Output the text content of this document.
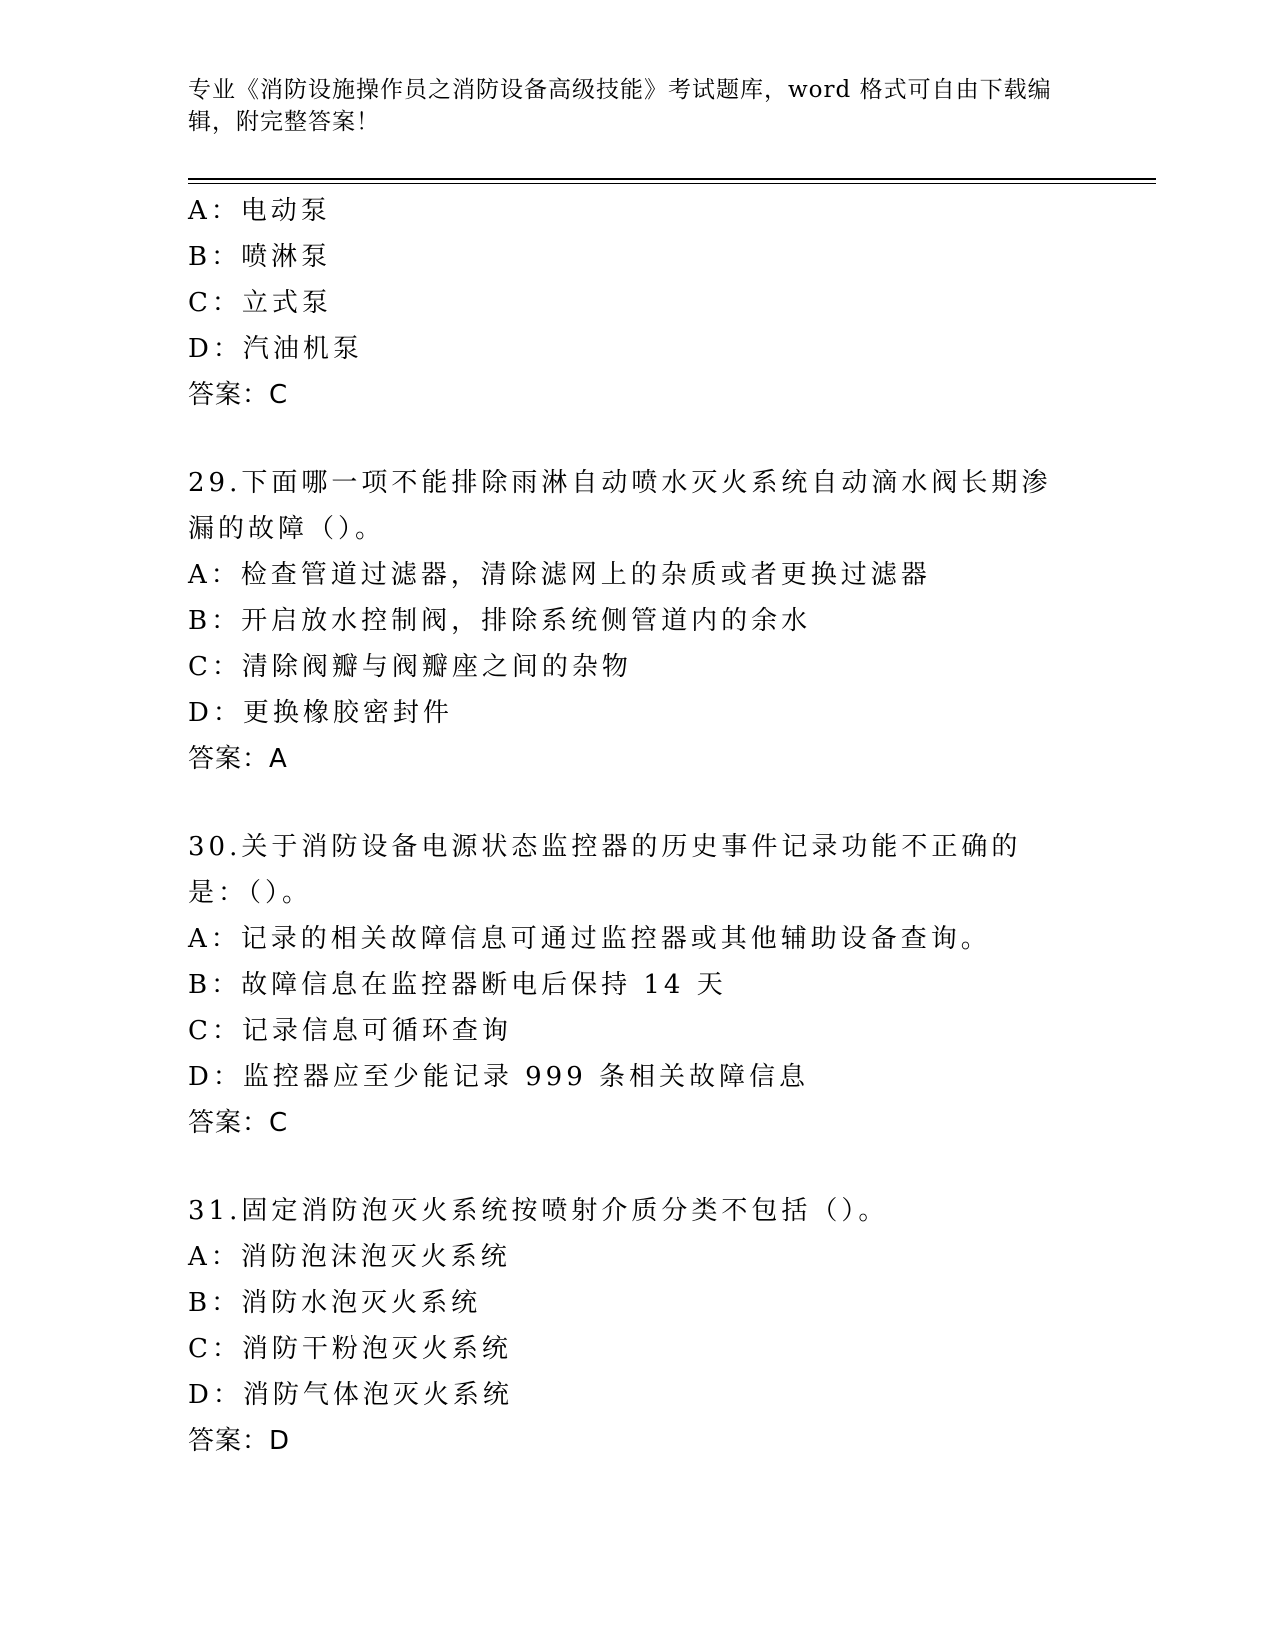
专业《消防设施操作员之消防设备高级技能》考试题库，word 格式可自由下载编
辑，附完整答案！
A：电动泵
B：喷淋泵
C：立式泵
D：汽油机泵
答案：C
29.下面哪一项不能排除雨淋自动喷水灭火系统自动滴水阀长期渗漏的故障（）。
A：检查管道过滤器，清除滤网上的杂质或者更换过滤器
B：开启放水控制阀，排除系统侧管道内的余水
C：清除阀瓣与阀瓣座之间的杂物
D：更换橡胶密封件
答案：A
30.关于消防设备电源状态监控器的历史事件记录功能不正确的是：（）。
A：记录的相关故障信息可通过监控器或其他辅助设备查询。
B：故障信息在监控器断电后保持 14 天
C：记录信息可循环查询
D：监控器应至少能记录 999 条相关故障信息
答案：C
31.固定消防泡灭火系统按喷射介质分类不包括（）。
A：消防泡沫泡灭火系统
B：消防水泡灭火系统
C：消防干粉泡灭火系统
D：消防气体泡灭火系统
答案：D
